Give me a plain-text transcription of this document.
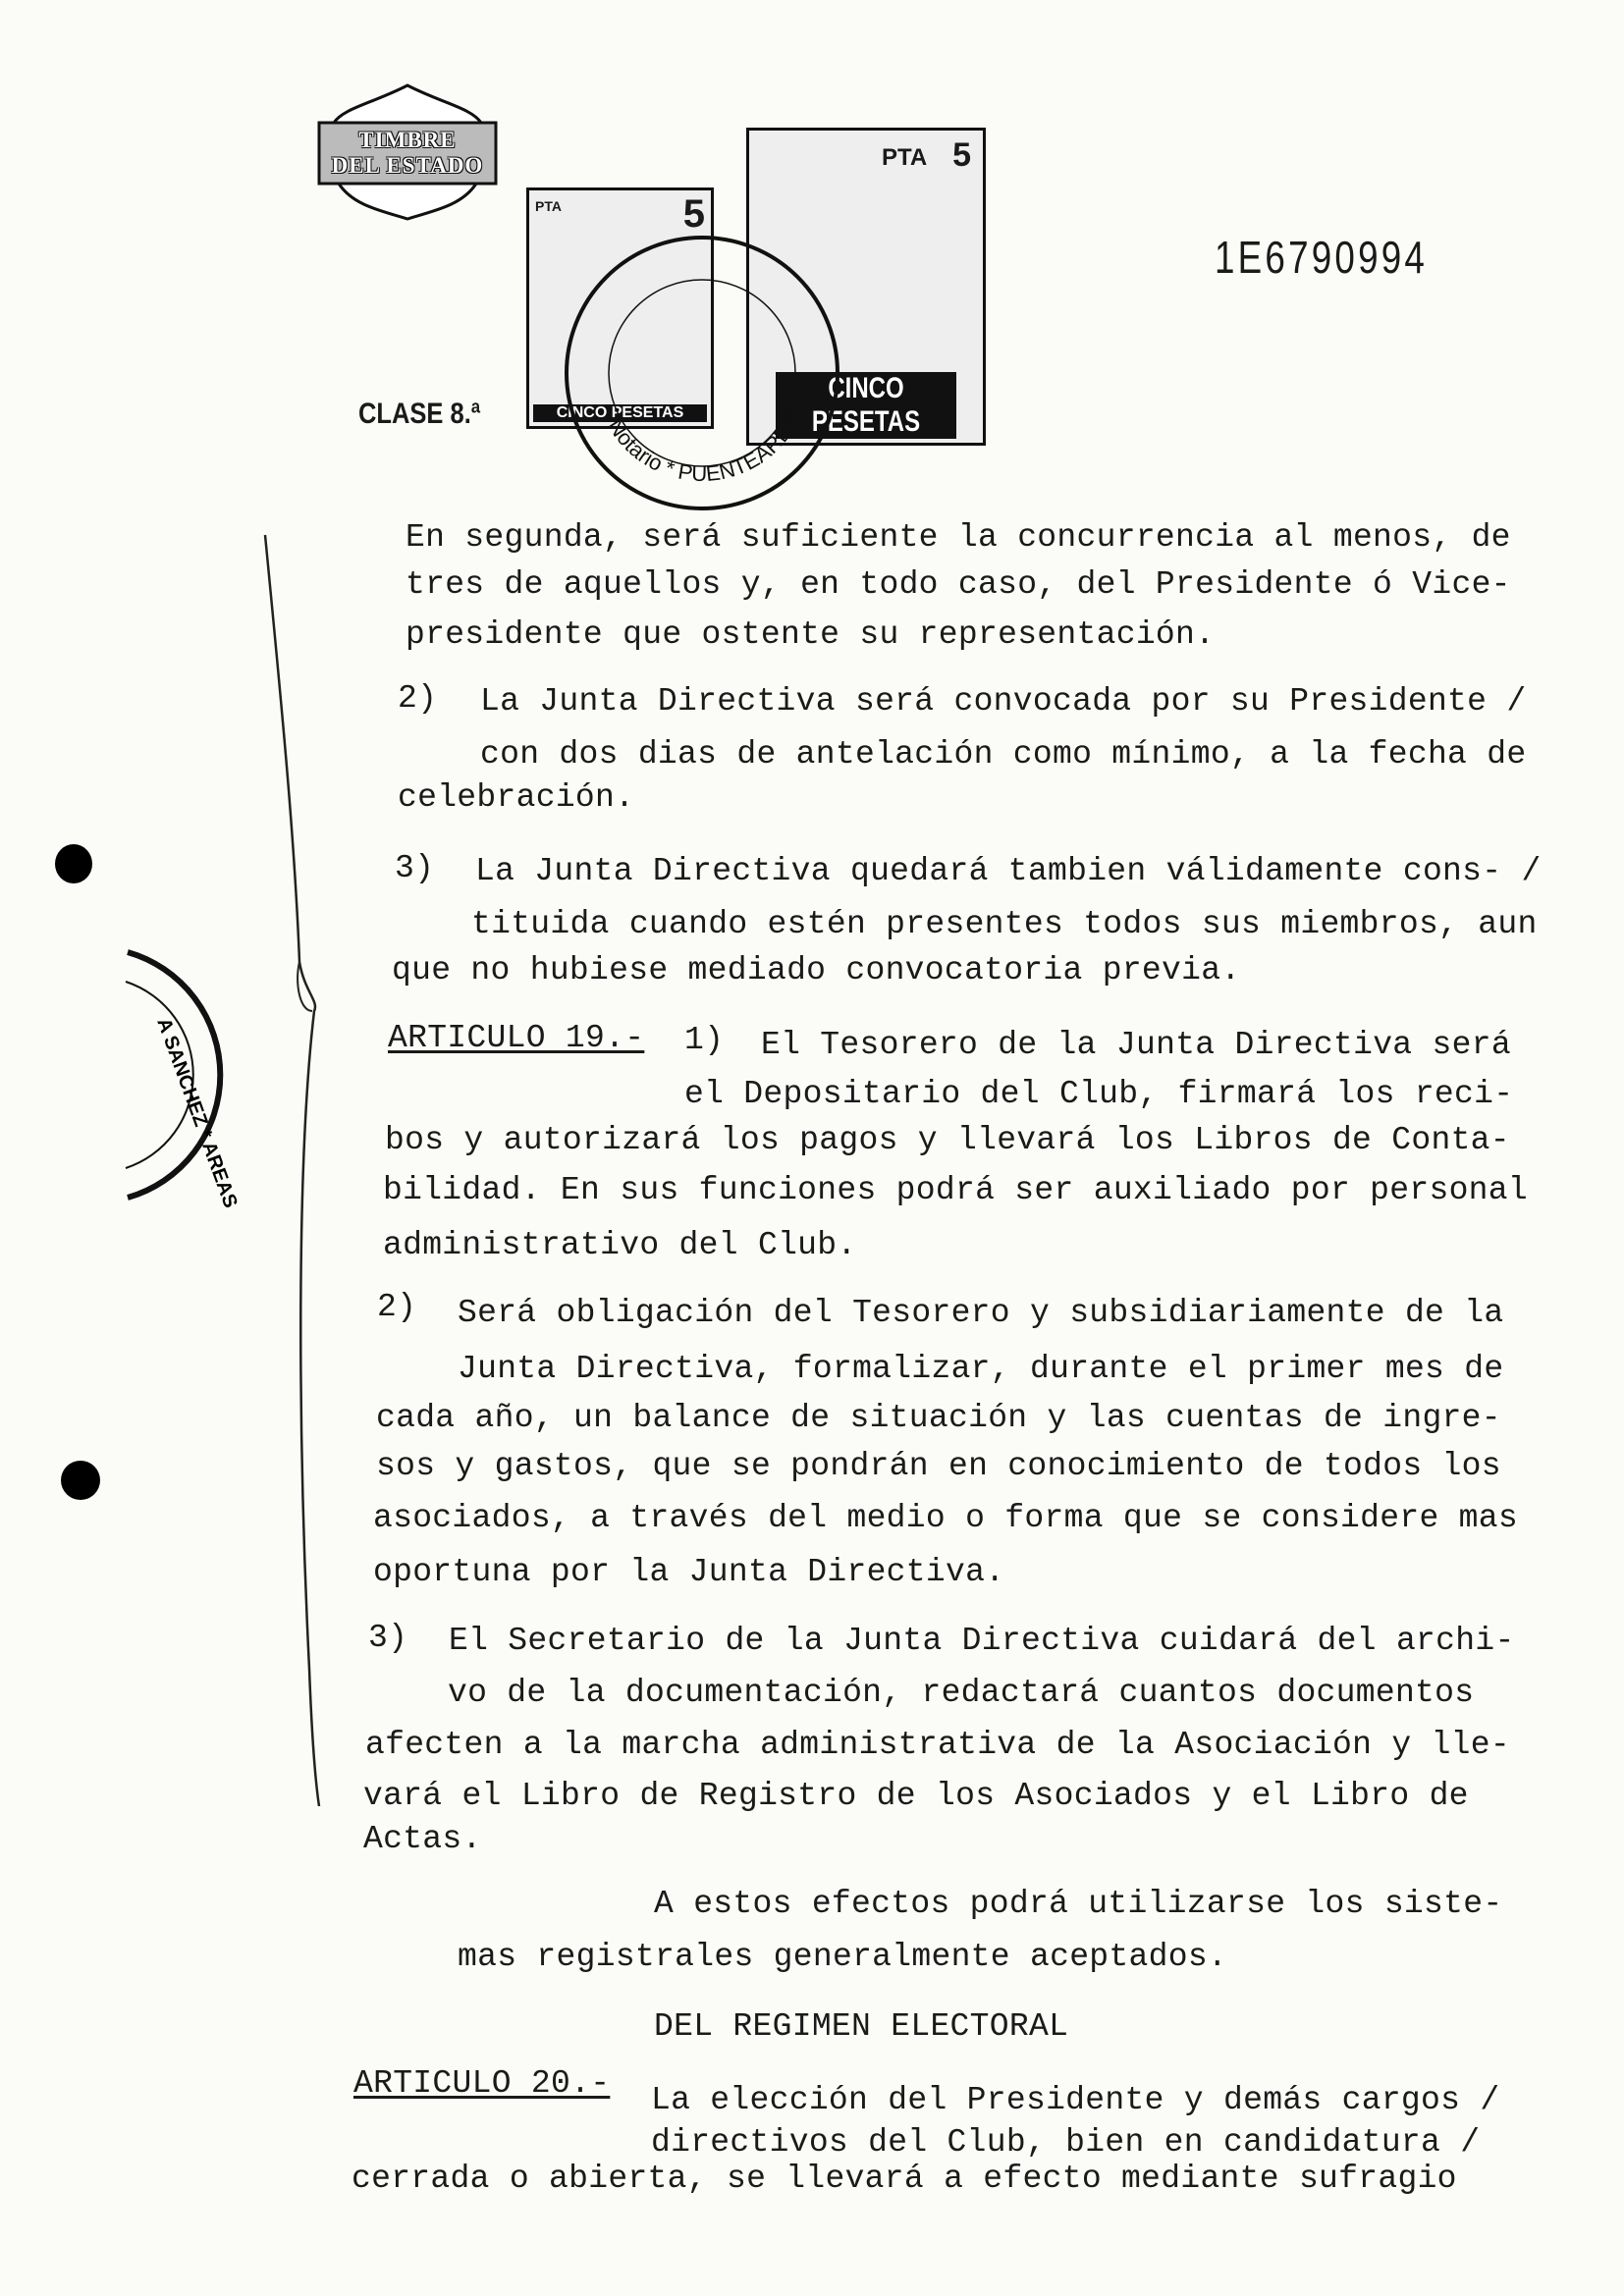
A SANCHEZ * AREAS
TIMBRE
DEL ESTADO
PTA	5
CINCO PESETAS
PTA 5
CINCO PESETAS
Notario * PUENTEAREAS
1E6790994
CLASE 8.ª
En segunda, será suficiente la concurrencia al menos, de
tres de aquellos y, en todo caso, del Presidente ó Vice-
presidente que ostente su representación.
2) La Junta Directiva será convocada por su Presidente /
con dos dias de antelación como mínimo, a la fecha de
celebración.
3) La Junta Directiva quedará tambien válidamente cons- /
tituida cuando estén presentes todos sus miembros, aun
que no hubiese mediado convocatoria previa.
ARTICULO 19.- 1) El Tesorero de la Junta Directiva será
el Depositario del Club, firmará los reci-
bos y autorizará los pagos y llevará los Libros de Conta-
bilidad. En sus funciones podrá ser auxiliado por personal
administrativo del Club.
2) Será obligación del Tesorero y subsidiariamente de la
Junta Directiva, formalizar, durante el primer mes de
cada año, un balance de situación y las cuentas de ingre-
sos y gastos, que se pondrán en conocimiento de todos los
asociados, a través del medio o forma que se considere mas
oportuna por la Junta Directiva.
3) El Secretario de la Junta Directiva cuidará del archi-
vo de la documentación, redactará cuantos documentos
afecten a la marcha administrativa de la Asociación y lle-
vará el Libro de Registro de los Asociados y el Libro de
Actas.
A estos efectos podrá utilizarse los siste-
mas registrales generalmente aceptados.
DEL REGIMEN ELECTORAL
ARTICULO 20.- La elección del Presidente y demás cargos /
directivos del Club, bien en candidatura /
cerrada o abierta, se llevará a efecto mediante sufragio
